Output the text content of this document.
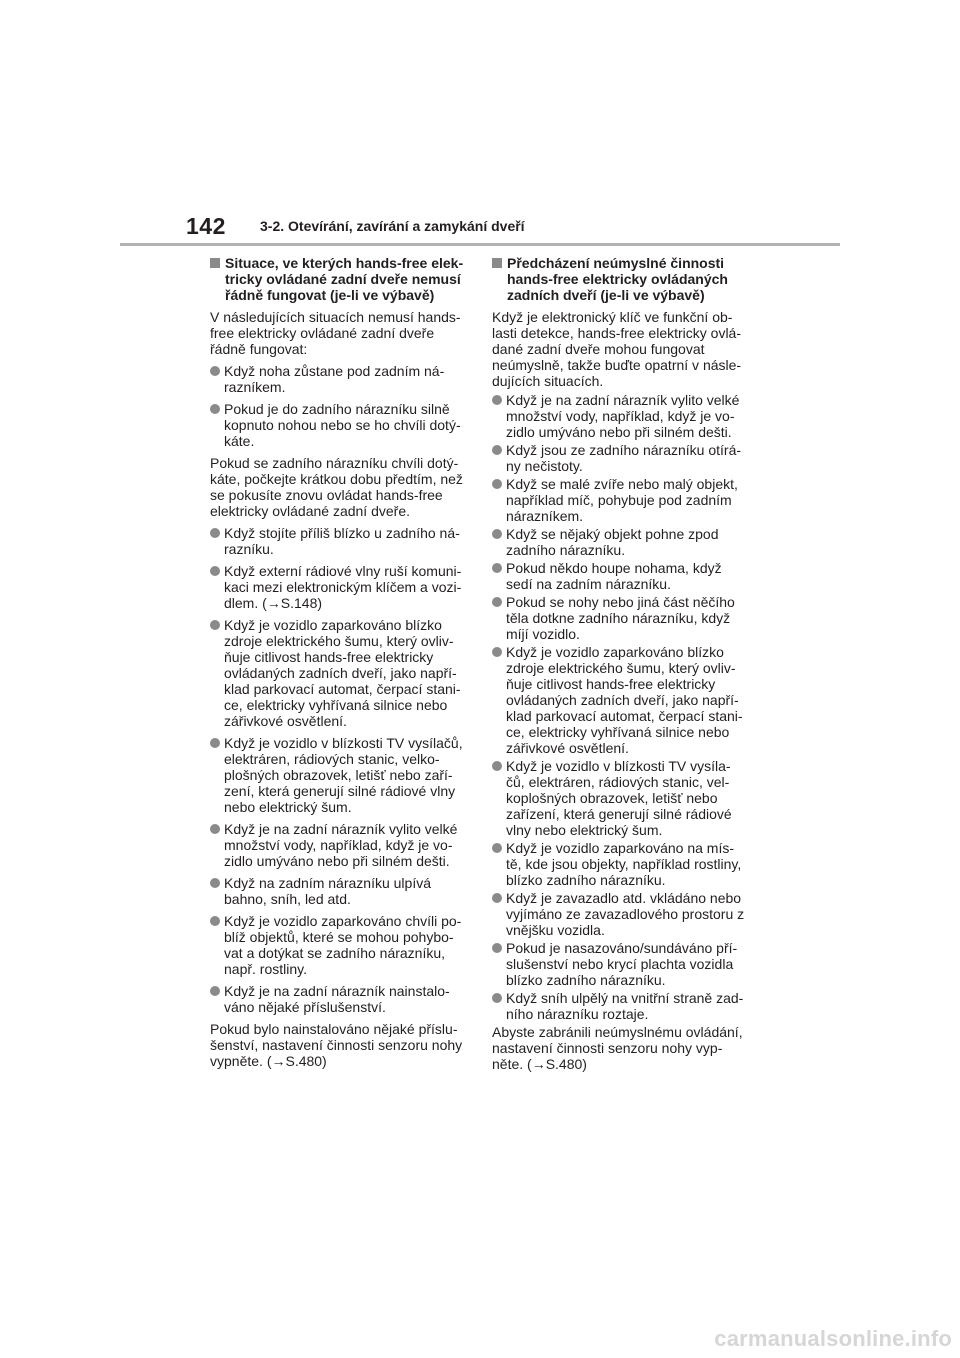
142 3-2. Otevírání, zavírání a zamykání dveří
Situace, ve kterých hands-free elek-tricky ovládané zadní dveře nemusí řádně fungovat (je-li ve výbavě)

V následujících situacích nemusí hands-free elektricky ovládané zadní dveře řádně fungovat:

Když noha zůstane pod zadním ná-razníkem.
Pokud je do zadního nárazníku silně kopnuto nohou nebo se ho chvíli dotý-káte.

Pokud se zadního nárazníku chvíli dotý-káte, počkejte krátkou dobu předtím, než se pokusíte znovu ovládat hands-free elektricky ovládané zadní dveře.

Když stojíte příliš blízko u zadního ná-razníku.
Když externí rádiové vlny ruší komuni-kaci mezi elektronickým klíčem a vozi-dlem. (→S.148)
Když je vozidlo zaparkováno blízko zdroje elektrického šumu, který ovliv-ňuje citlivost hands-free elektricky ovládaných zadních dveří, jako napří-klad parkovací automat, čerpací stani-ce, elektricky vyhřívaná silnice nebo zářivkové osvětlení.
Když je vozidlo v blízkosti TV vysílačů, elektráren, rádiových stanic, velko-plošných obrazovek, letišť nebo zaří-zení, která generují silné rádiové vlny nebo elektrický šum.
Když je na zadní nárazník vylito velké množství vody, například, když je vo-zidlo umýváno nebo při silném dešti.
Když na zadním nárazníku ulpívá bahno, sníh, led atd.
Když je vozidlo zaparkováno chvíli po-blíž objektů, které se mohou pohybo-vat a dotýkat se zadního nárazníku, např. rostliny.
Když je na zadní nárazník nainstalo-váno nějaké příslušenství.

Pokud bylo nainstalováno nějaké příslu-šenství, nastavení činnosti senzoru nohy vypněte. (→S.480)

Předcházení neúmyslné činnosti hands-free elektricky ovládaných zadních dveří (je-li ve výbavě)

Když je elektronický klíč ve funkční ob-lasti detekce, hands-free elektricky ovlá-dané zadní dveře mohou fungovat neúmyslně, takže buďte opatrní v násle-dujících situacích.

Když je na zadní nárazník vylito velké množství vody, například, když je vo-zidlo umýváno nebo při silném dešti.
Když jsou ze zadního nárazníku otírá-ny nečistoty.
Když se malé zvíře nebo malý objekt, například míč, pohybuje pod zadním nárazníkem.
Když se nějaký objekt pohne zpod zadního nárazníku.
Pokud někdo houpe nohama, když sedí na zadním nárazníku.
Pokud se nohy nebo jiná část něčího těla dotkne zadního nárazníku, když míjí vozidlo.
Když je vozidlo zaparkováno blízko zdroje elektrického šumu, který ovliv-ňuje citlivost hands-free elektricky ovládaných zadních dveří, jako napří-klad parkovací automat, čerpací stani-ce, elektricky vyhřívaná silnice nebo zářivkové osvětlení.
Když je vozidlo v blízkosti TV vysíla-čů, elektráren, rádiových stanic, vel-koplošných obrazovek, letišť nebo zařízení, která generují silné rádiové vlny nebo elektrický šum.
Když je vozidlo zaparkováno na mís-tě, kde jsou objekty, například rostliny, blízko zadního nárazníku.
Když je zavazadlo atd. vkládáno nebo vyjímáno ze zavazadlového prostoru z vnějšku vozidla.
Pokud je nasazováno/sundáváno pří-slušenství nebo krycí plachta vozidla blízko zadního nárazníku.
Když sníh ulpělý na vnitřní straně zad-ního nárazníku roztaje.

Abyste zabránili neúmyslnému ovládání, nastavení činnosti senzoru nohy vyp-něte. (→S.480)

carmanualsonline.info
